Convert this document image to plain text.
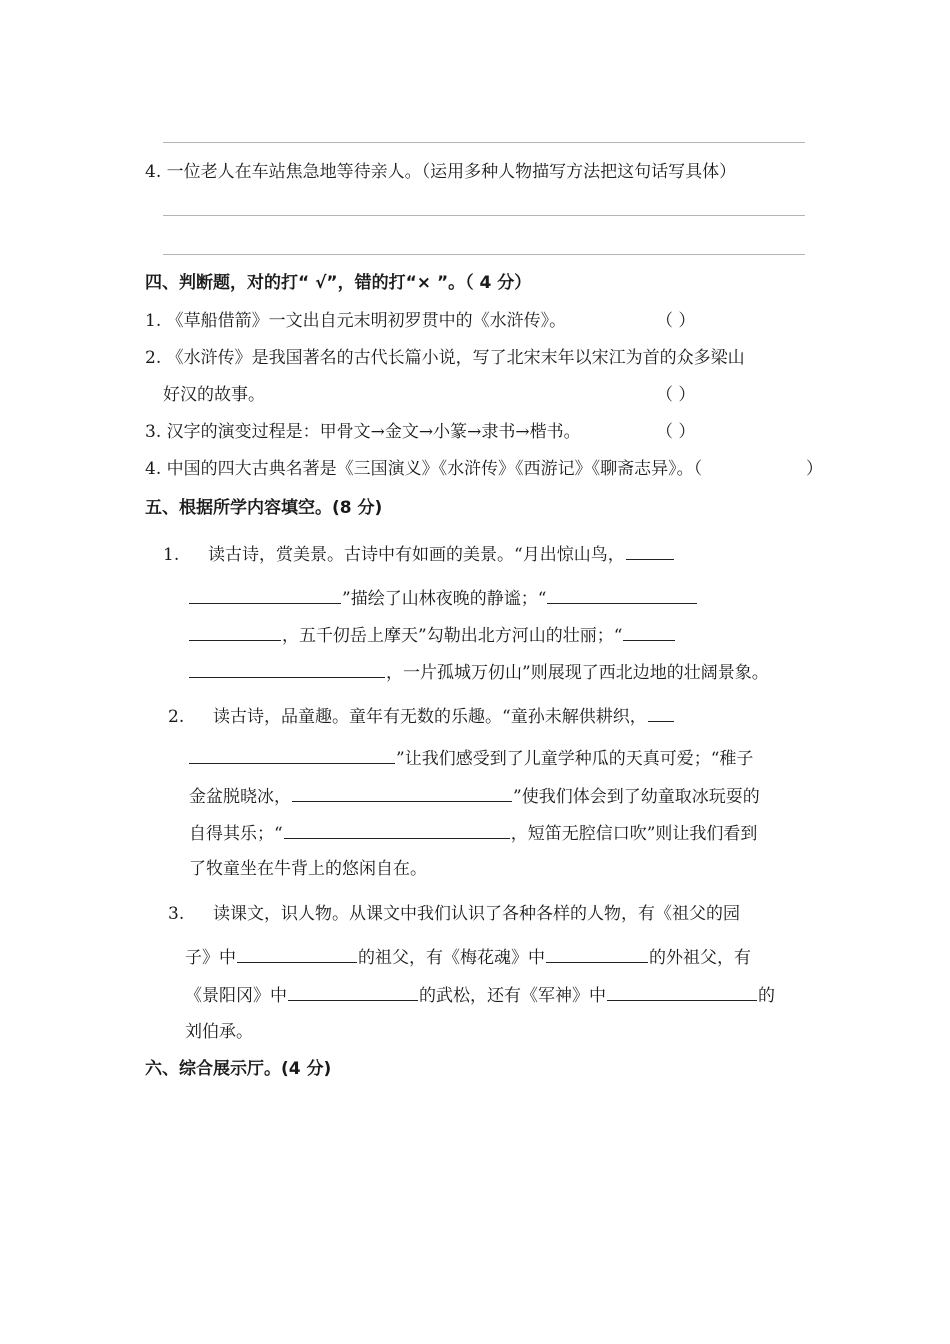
4. 一位老人在车站焦急地等待亲人。（运用多种人物描写方法把这句话写具体）
四、判断题，对的打“ √”，错的打“× ”。（ 4 分）
1. 《草船借箭》一文出自元末明初罗贯中的《水浒传》。	（ ）
2. 《水浒传》是我国著名的古代长篇小说，写了北宋末年以宋江为首的众多梁山
好汉的故事。	（ ）
3. 汉字的演变过程是：甲骨文→金文→小篆→隶书→楷书。	（ ）
4. 中国的四大古典名著是《三国演义》《水浒传》《西游记》《聊斋志异》。（	）
五、根据所学内容填空。(8 分)
1. 读古诗，赏美景。古诗中有如画的美景。“月出惊山鸟，
”描绘了山林夜晚的静谧；“
，五千仞岳上摩天”勾勒出北方河山的壮丽；“
，一片孤城万仞山”则展现了西北边地的壮阔景象。
2. 读古诗，品童趣。童年有无数的乐趣。“童孙未解供耕织，
”让我们感受到了儿童学种瓜的天真可爱；“稚子
金盆脱晓冰，	”使我们体会到了幼童取冰玩耍的
自得其乐；“	，短笛无腔信口吹”则让我们看到
了牧童坐在牛背上的悠闲自在。
3. 读课文，识人物。从课文中我们认识了各种各样的人物，有《祖父的园
子》中	的祖父，有《梅花魂》中	的外祖父，有
《景阳冈》中	的武松，还有《军神》中	的
刘伯承。
六、综合展示厅。(4 分)
